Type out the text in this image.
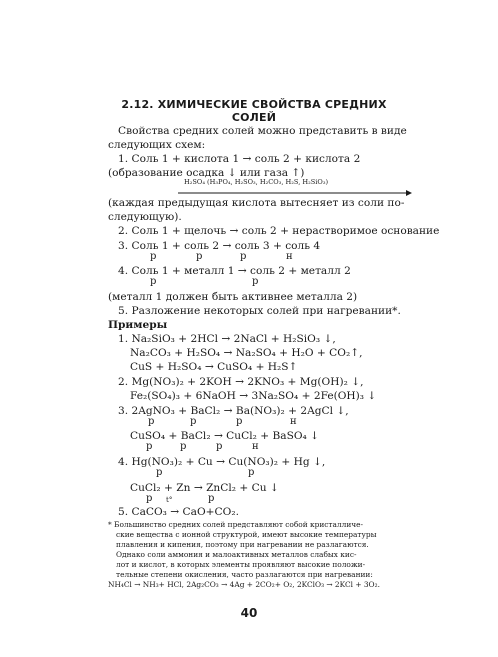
2.12. ХИМИЧЕСКИЕ СВОЙСТВА СРЕДНИХ СОЛЕЙ
Свойства средних солей можно представить в виде
следующих схем:
1. Соль 1 + кислота 1 → соль 2 + кислота 2
(образование осадка ↓ или газа ↑)
H₂SO₄ (H₃PO₄, H₂SO₃, H₂CO₃, H₂S, H₂SiO₃)
(каждая предыдущая кислота вытесняет из соли по-
следующую).
2. Соль 1 + щелочь → соль 2 + нерастворимое основание
3. Соль 1 + соль 2 → соль 3 + соль 4
р	р	р	н
4. Соль 1 + металл 1 → соль 2 + металл 2
р	р
(металл 1 должен быть активнее металла 2)
5. Разложение некоторых солей при нагревании*.
Примеры
1. Na₂SiO₃ + 2HCl → 2NaCl + H₂SiO₃ ↓,
Na₂CO₃ + H₂SO₄ → Na₂SO₄ + H₂O + CO₂↑,
CuS + H₂SO₄ → CuSO₄ + H₂S↑
2. Mg(NO₃)₂ + 2KOH → 2KNO₃ + Mg(OH)₂ ↓,
Fe₂(SO₄)₃ + 6NaOH → 3Na₂SO₄ + 2Fe(OH)₃ ↓
3. 2AgNO₃ + BaCl₂ → Ba(NO₃)₂ + 2AgCl ↓,
р	р	р	н
CuSO₄ + BaCl₂ → CuCl₂ + BaSO₄ ↓
р	р	р	н
4. Hg(NO₃)₂ + Cu → Cu(NO₃)₂ + Hg ↓,
р	р
CuCl₂ + Zn → ZnCl₂ + Cu ↓
р	р
t°
5. CaCO₃ → CaO+CO₂.
* Большинство средних солей представляют собой кристалличе-
ские вещества с ионной структурой, имеют высокие температуры
плавления и кипения, поэтому при нагревании не разлагаются.
Однако соли аммония и малоактивных металлов слабых кис-
лот и кислот, в которых элементы проявляют высокие положи-
тельные степени окисления, часто разлагаются при нагревании:
NH₄Cl → NH₃+ HCl, 2Ag₂CO₃ → 4Ag + 2CO₂+ O₂, 2KClO₃ → 2KCl + 3O₂.
40
